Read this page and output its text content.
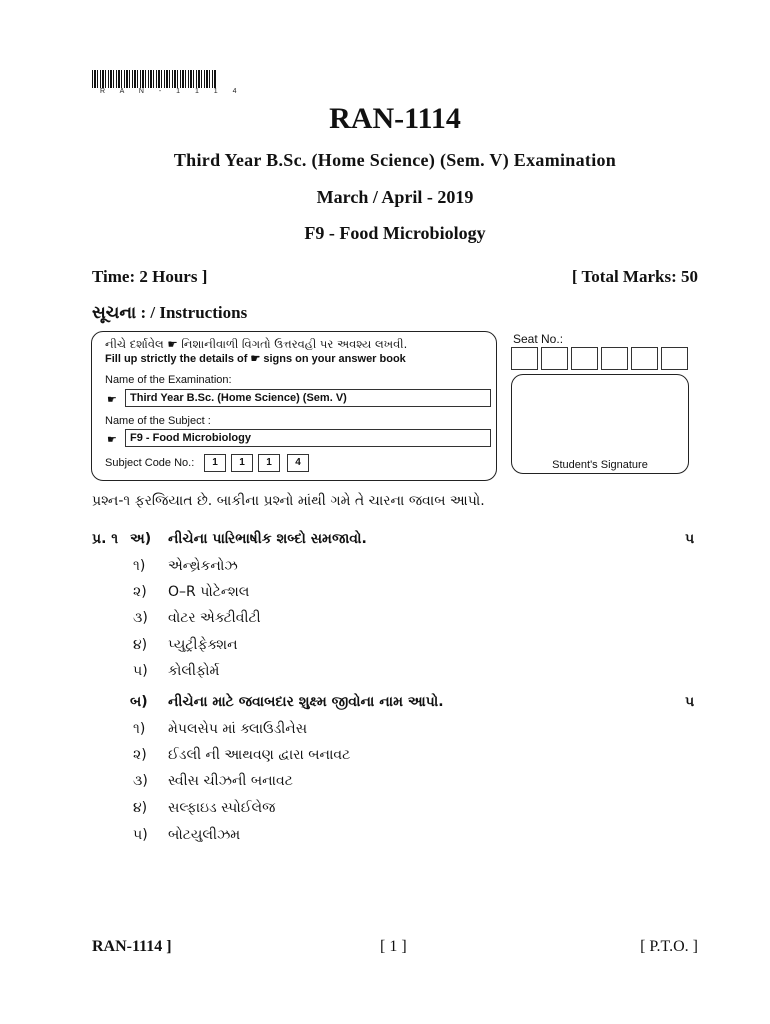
R A N - 1 1 1 4
RAN-1114
Third Year B.Sc. (Home Science) (Sem. V) Examination
March / April - 2019
F9 - Food Microbiology
Time: 2 Hours ]	[ Total Marks: 50
સૂચના : / Instructions
નીચે દર્શાવેલ ☛ નિશાનીવાળી વિગતો ઉત્તરવહી પર અવશ્ય લખવી.
Fill up strictly the details of ☛ signs on your answer book
Name of the Examination:
☛	Third Year B.Sc. (Home Science) (Sem. V)
Name of the Subject :
☛	F9 - Food Microbiology
Subject Code No.:	1	1	1	4
Seat No.:
Student's Signature
પ્રશ્ન-૧ ફરજિયાત છે. બાકીના પ્રશ્નો માંથી ગમે તે ચારના જવાબ આપો.
પ્ર. ૧ અ) નીચેના પારિભાષીક શબ્દો સમજાવો.	૫
૧) એન્થ્રેકનોઝ
૨) O–R પોટેન્શલ
૩) વોટર એક્ટીવીટી
૪) પ્યુટ્રીફેક્શન
૫) કોલીફોર્મ
બ) નીચેના માટે જવાબદાર શુક્ષ્મ જીવોના નામ આપો.	૫
૧) મેપલસેપ માં ક્લાઉડીનેસ
૨) ઈડલી ની આથવણ દ્વારા બનાવટ
૩) સ્વીસ ચીઝની બનાવટ
૪) સલ્ફાઇડ સ્પોઈલેજ
૫) બોટયુલીઝમ
RAN-1114 ]	[ 1 ]	[ P.T.O. ]
